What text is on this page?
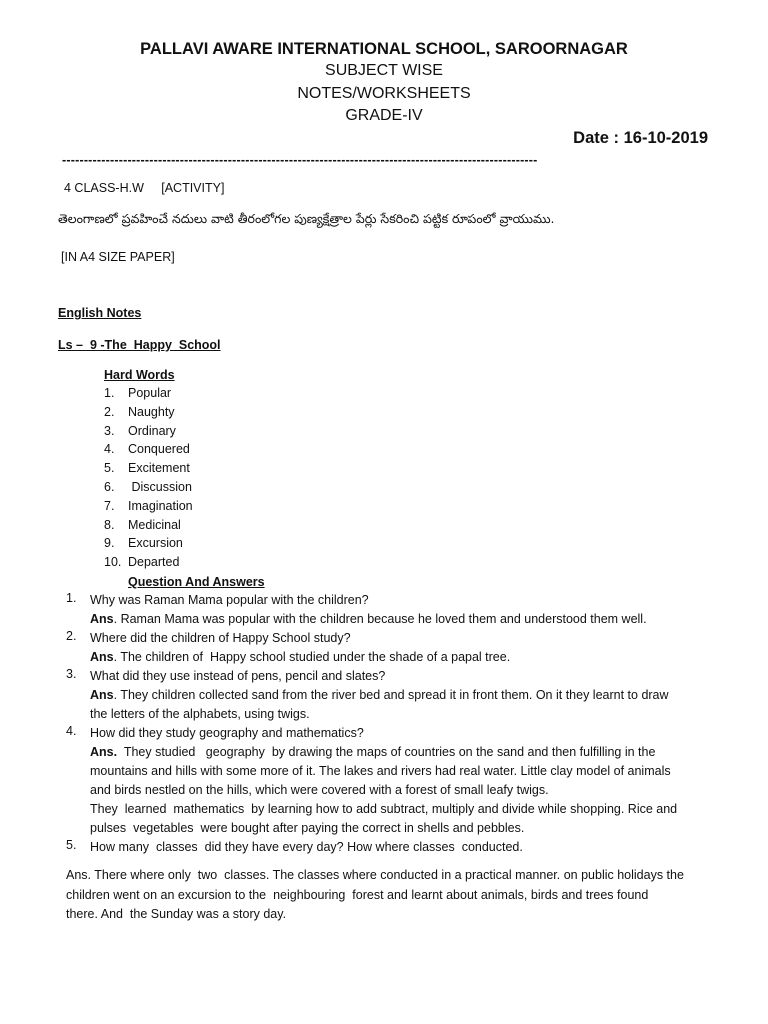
PALLAVI AWARE INTERNATIONAL SCHOOL, SAROORNAGAR
SUBJECT WISE
NOTES/WORKSHEETS
GRADE-IV
Date : 16-10-2019
-------------------------------------------------------------------------------------------------------------
4 CLASS-H.W     [ACTIVITY]
తెలంగాణలో ప్రవహించే నదులు వాటి తీరంలోగల పుణ్యక్షేత్రాల పేర్లు సేకరించి పట్టిక రూపంలో వ్రాయుము.
[IN A4 SIZE PAPER]
English Notes
Ls –  9 -The  Happy  School
Hard Words
1.	Popular
2.	Naughty
3.	Ordinary
4.	Conquered
5.	Excitement
6.	Discussion
7.	Imagination
8.	Medicinal
9.	Excursion
10. Departed
Question And Answers
1. Why was Raman Mama popular with the children?
Ans. Raman Mama was popular with the children because he loved them and understood them well.
2. Where did the children of Happy School study?
Ans. The children of  Happy school studied under the shade of a papal tree.
3. What did they use instead of pens, pencil and slates?
Ans. They children collected sand from the river bed and spread it in front them. On it they learnt to draw
the letters of the alphabets, using twigs.
4. How did they study geography and mathematics?
Ans.  They studied   geography  by drawing the maps of countries on the sand and then fulfilling in the
mountains and hills with some more of it. The lakes and rivers had real water. Little clay model of animals
and birds nestled on the hills, which were covered with a forest of small leafy twigs.
They  learned  mathematics  by learning how to add subtract, multiply and divide while shopping. Rice and
pulses  vegetables  were bought after paying the correct in shells and pebbles.
5. How many  classes  did they have every day? How where classes  conducted.
Ans. There where only  two  classes. The classes where conducted in a practical manner. on public holidays the
children went on an excursion to the  neighbouring  forest and learnt about animals, birds and trees found
there. And  the Sunday was a story day.
